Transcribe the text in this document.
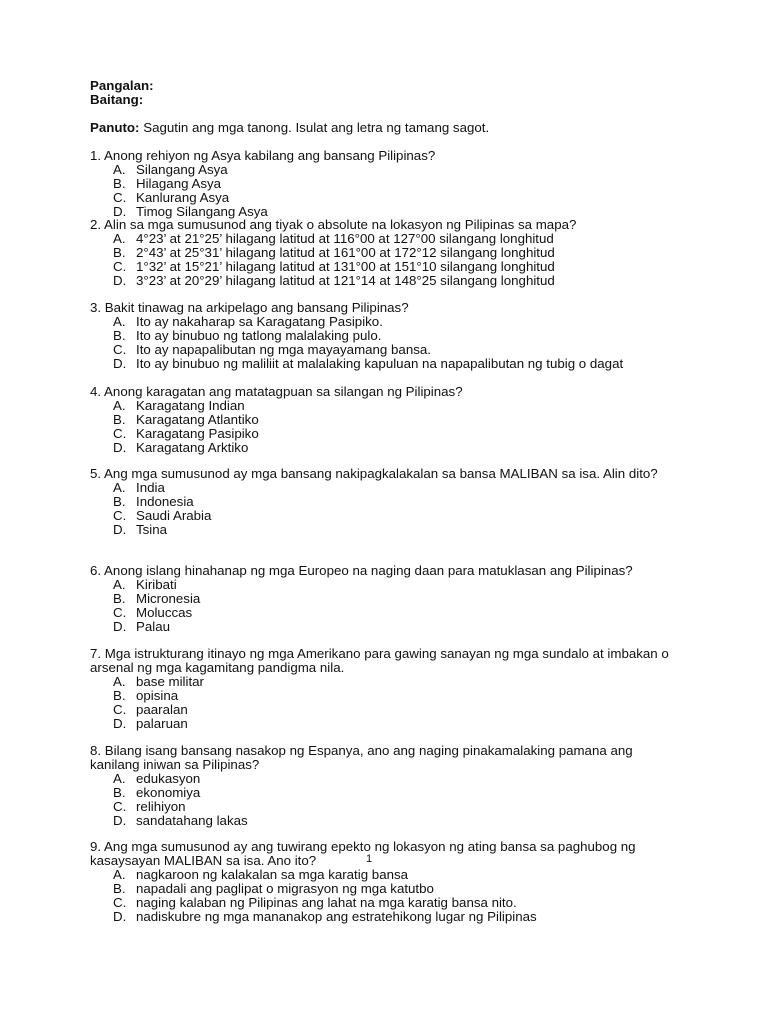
Pangalan:
Baitang:
Panuto: Sagutin ang mga tanong. Isulat ang letra ng tamang sagot.
1. Anong rehiyon ng Asya kabilang ang bansang Pilipinas?
A. Silangang Asya
B. Hilagang Asya
C. Kanlurang Asya
D. Timog Silangang Asya
2. Alin sa mga sumusunod ang tiyak o absolute na lokasyon ng Pilipinas sa mapa?
A. 4°23’ at 21°25’ hilagang latitud at 116°00 at 127°00 silangang longhitud
B. 2°43’ at 25°31’ hilagang latitud at 161°00 at 172°12 silangang longhitud
C. 1°32’ at 15°21’ hilagang latitud at 131°00 at 151°10 silangang longhitud
D. 3°23’ at 20°29’ hilagang latitud at 121°14 at 148°25 silangang longhitud
3. Bakit tinawag na arkipelago ang bansang Pilipinas?
A. Ito ay nakaharap sa Karagatang Pasipiko.
B. Ito ay binubuo ng tatlong malalaking pulo.
C. Ito ay napapalibutan ng mga mayayamang bansa.
D. Ito ay binubuo ng maliliit at malalaking kapuluan na napapalibutan ng tubig o dagat
4. Anong karagatan ang matatagpuan sa silangan ng Pilipinas?
A. Karagatang Indian
B. Karagatang Atlantiko
C. Karagatang Pasipiko
D. Karagatang Arktiko
5. Ang mga sumusunod ay mga bansang nakipagkalakalan sa bansa MALIBAN sa isa. Alin dito?
A. India
B. Indonesia
C. Saudi Arabia
D. Tsina
6. Anong islang hinahanap ng mga Europeo na naging daan para matuklasan ang Pilipinas?
A. Kiribati
B. Micronesia
C. Moluccas
D. Palau
7. Mga istrukturang itinayo ng mga Amerikano para gawing sanayan ng mga sundalo at imbakan o arsenal ng mga kagamitang pandigma nila.
A. base militar
B. opisina
C. paaralan
D. palaruan
8. Bilang isang bansang nasakop ng Espanya, ano ang naging pinakamalaking pamana ang kanilang iniwan sa Pilipinas?
A. edukasyon
B. ekonomiya
C. relihiyon
D. sandatahang lakas
9. Ang mga sumusunod ay ang tuwirang epekto ng lokasyon ng ating bansa sa paghubog ng kasaysayan MALIBAN sa isa. Ano ito?
A. nagkaroon ng kalakalan sa mga karatig bansa
B. napadali ang paglipat o migrasyon ng mga katutbo
C. naging kalaban ng Pilipinas ang lahat na mga karatig bansa nito.
D. nadiskubre ng mga mananakop ang estratehikong lugar ng Pilipinas
1
